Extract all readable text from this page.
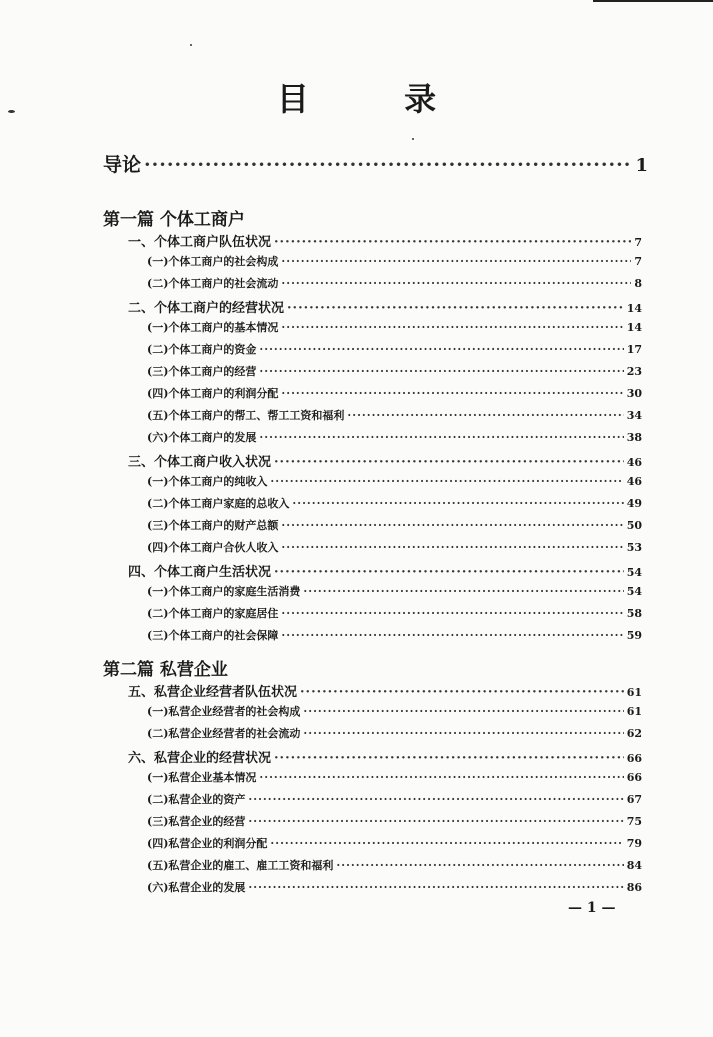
目 录
导论 ·····	1
第一篇 个体工商户
一、个体工商户队伍状况 ·····	7
(一)个体工商户的社会构成 ·····	7
(二)个体工商户的社会流动 ·····	8
二、个体工商户的经营状况 ·····	14
(一)个体工商户的基本情况 ·····	14
(二)个体工商户的资金 ·····	17
(三)个体工商户的经营 ·····	23
(四)个体工商户的利润分配 ·····	30
(五)个体工商户的帮工、帮工工资和福利 ·····	34
(六)个体工商户的发展 ·····	38
三、个体工商户收入状况 ·····	46
(一)个体工商户的纯收入 ·····	46
(二)个体工商户家庭的总收入 ·····	49
(三)个体工商户的财产总额 ·····	50
(四)个体工商户合伙人收入 ·····	53
四、个体工商户生活状况 ·····	54
(一)个体工商户的家庭生活消费 ·····	54
(二)个体工商户的家庭居住 ·····	58
(三)个体工商户的社会保障 ·····	59
第二篇 私营企业
五、私营企业经营者队伍状况 ·····	61
(一)私营企业经营者的社会构成 ·····	61
(二)私营企业经营者的社会流动 ·····	62
六、私营企业的经营状况 ·····	66
(一)私营企业基本情况 ·····	66
(二)私营企业的资产 ·····	67
(三)私营企业的经营 ·····	75
(四)私营企业的利润分配 ·····	79
(五)私营企业的雇工、雇工工资和福利 ·····	84
(六)私营企业的发展 ·····	86
— 1 —
